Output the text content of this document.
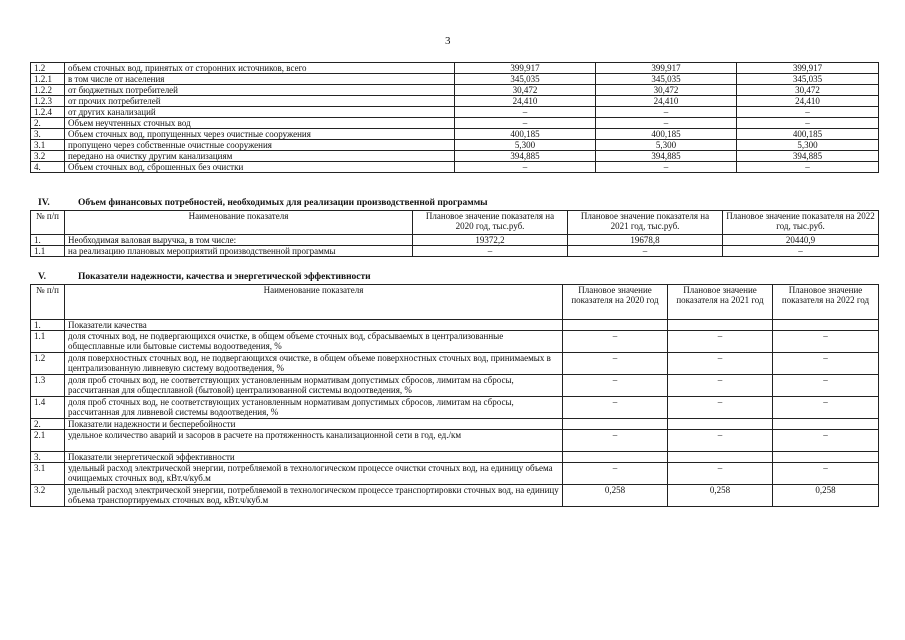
3
1.2	объем сточных вод, принятых от сторонних источников, всего	399,917	399,917	399,917
1.2.1	в том числе от населения	345,035	345,035	345,035
1.2.2	от бюджетных потребителей	30,472	30,472	30,472
1.2.3	от прочих потребителей	24,410	24,410	24,410
1.2.4	от других канализаций	–	–	–
2.	Объем неучтенных сточных вод	–	–	–
3.	Объем сточных вод, пропущенных через очистные сооружения	400,185	400,185	400,185
3.1	пропущено через собственные очистные сооружения	5,300	5,300	5,300
3.2	передано на очистку другим канализациям	394,885	394,885	394,885
4.	Объем сточных вод, сброшенных без очистки	–	–	–
IV.	Объем финансовых потребностей, необходимых для реализации производственной программы
№ п/п	Наименование показателя	Плановое значение показателя на 2020 год, тыс.руб.	Плановое значение показателя на 2021 год, тыс.руб.	Плановое значение показателя на 2022 год, тыс.руб.
1.	Необходимая валовая выручка, в том числе:	19372,2	19678,8	20440,9
1.1	на реализацию плановых мероприятий производственной программы	–	–	–
V.	Показатели надежности, качества и энергетической эффективности
№ п/п	Наименование показателя	Плановое значение показателя на 2020 год	Плановое значение показателя на 2021 год	Плановое значение показателя на 2022 год
1.	Показатели качества			
1.1	доля сточных вод, не подвергающихся очистке, в общем объеме сточных вод, сбрасываемых в централизованные общесплавные или бытовые системы водоотведения, %	–	–	–
1.2	доля поверхностных сточных вод, не подвергающихся очистке, в общем объеме поверхностных сточных вод, принимаемых в централизованную ливневую систему водоотведения, %	–	–	–
1.3	доля проб сточных вод, не соответствующих установленным нормативам допустимых сбросов, лимитам на сбросы, рассчитанная для общесплавной (бытовой) централизованной системы водоотведения, %	–	–	–
1.4	доля проб сточных вод, не соответствующих установленным нормативам допустимых сбросов, лимитам на сбросы, рассчитанная для ливневой системы водоотведения, %	–	–	–
2.	Показатели надежности и бесперебойности			
2.1	удельное количество аварий и засоров в расчете на протяженность канализационной сети в год, ед./км	–	–	–
3.	Показатели энергетической эффективности			
3.1	удельный расход электрической энергии, потребляемой в технологическом процессе очистки сточных вод, на единицу объема очищаемых сточных вод, кВт.ч/куб.м	–	–	–
3.2	удельный расход электрической энергии, потребляемой в технологическом процессе транспортировки сточных вод, на единицу объема транспортируемых сточных вод, кВт.ч/куб.м	0,258	0,258	0,258
